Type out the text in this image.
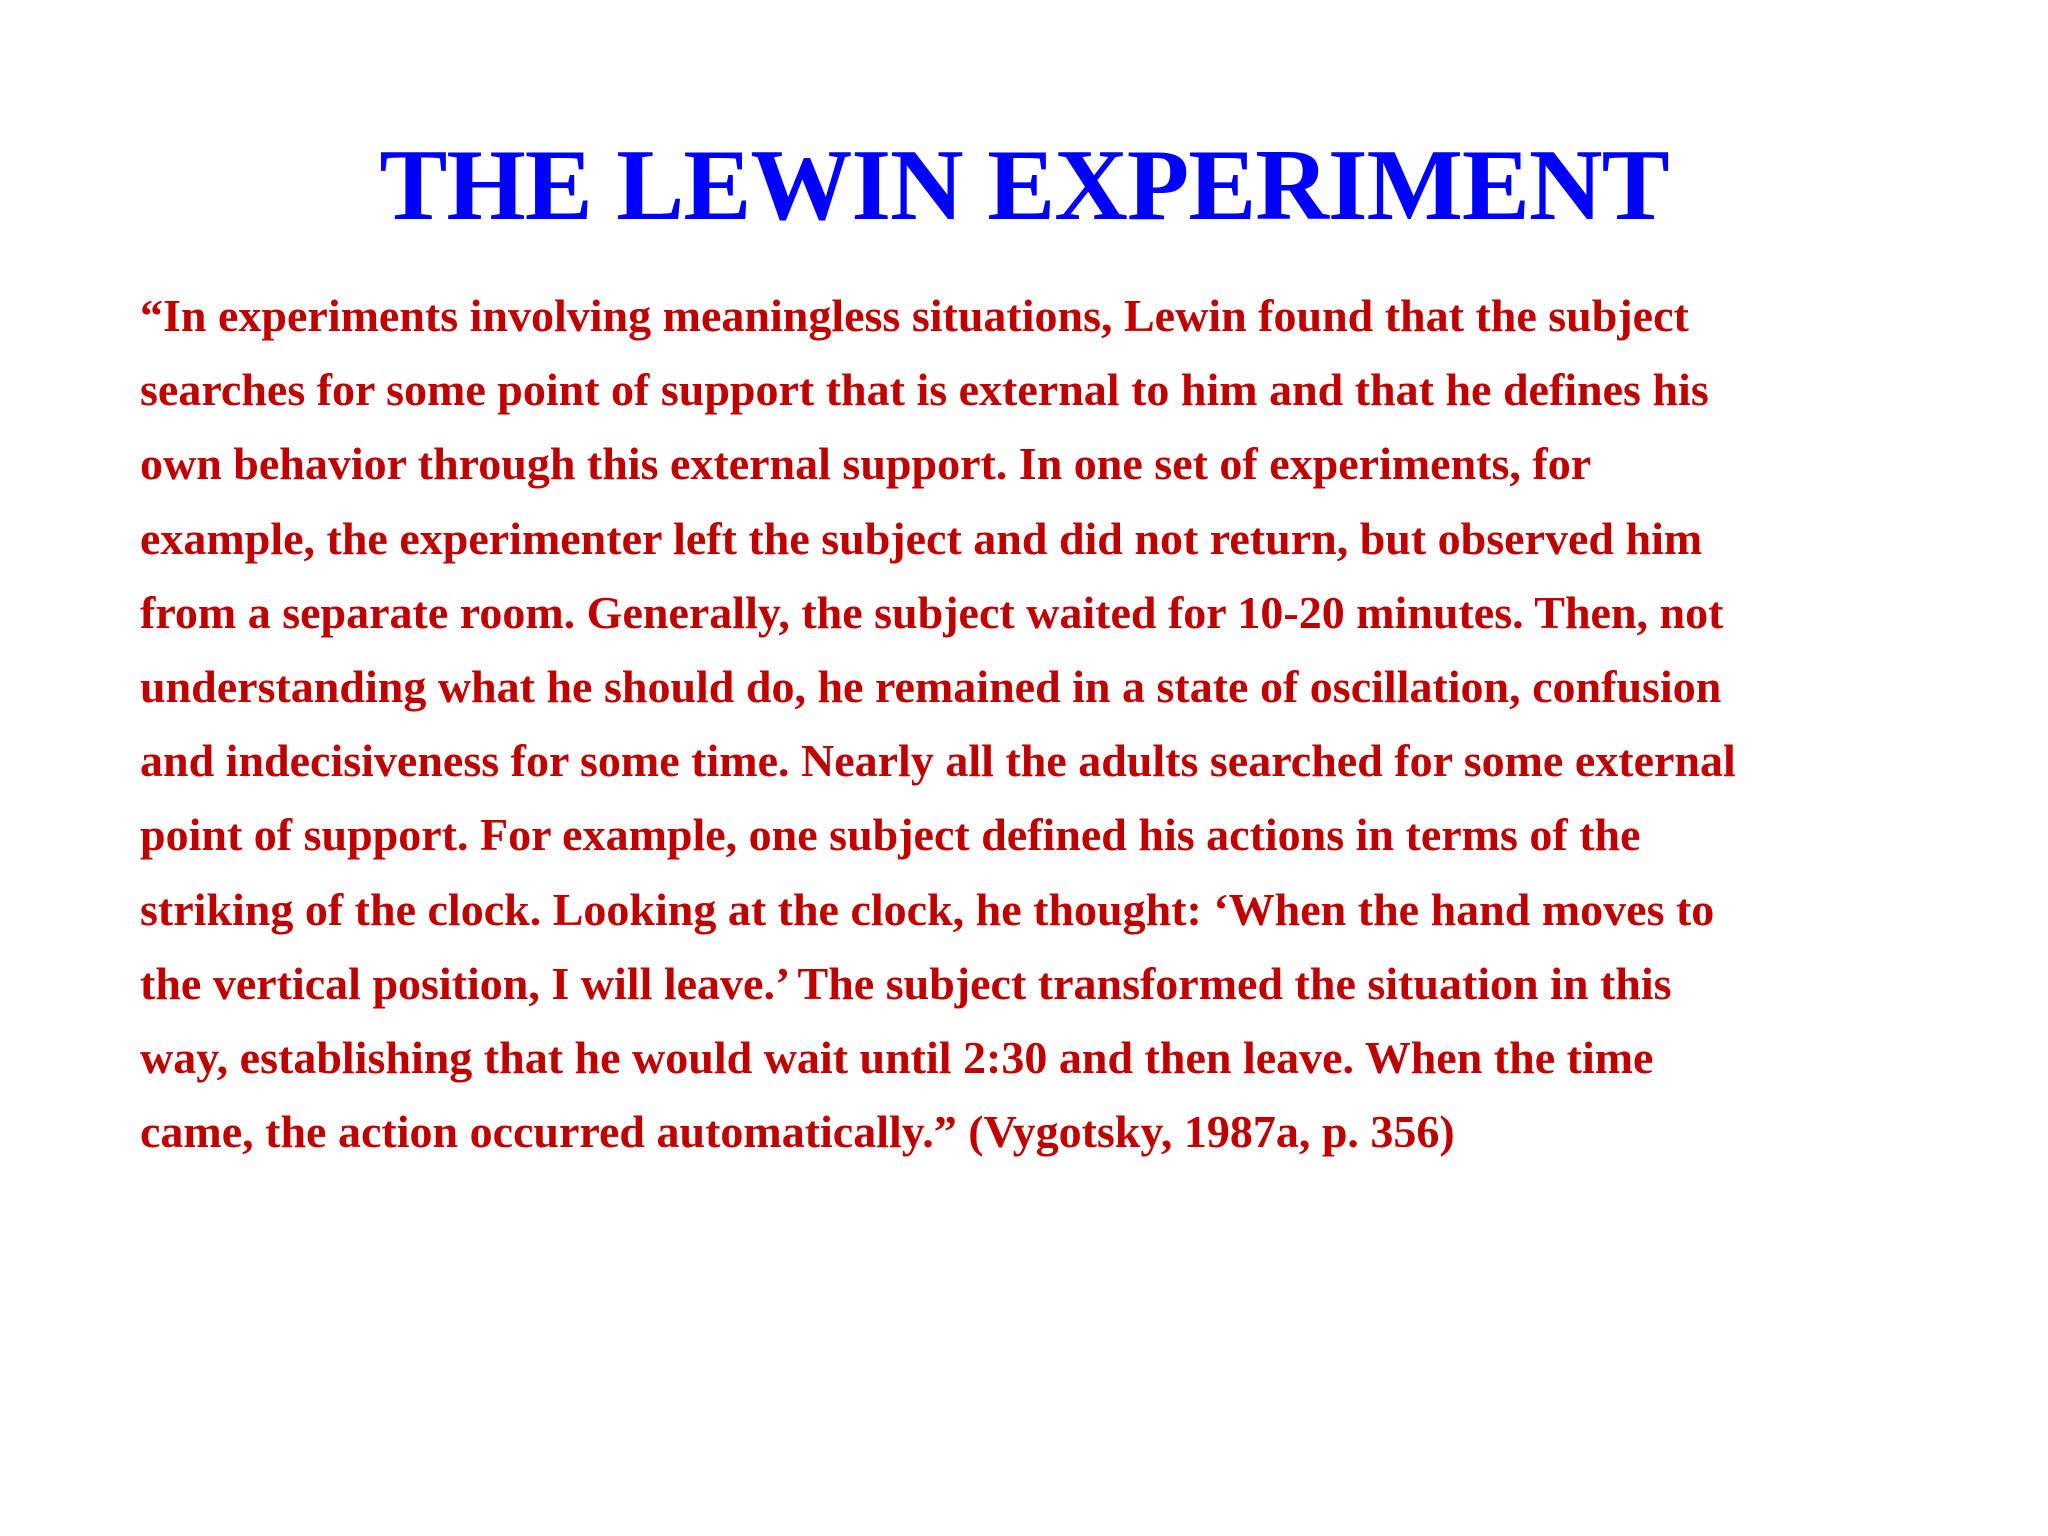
THE LEWIN EXPERIMENT
“In experiments involving meaningless situations, Lewin found that the subject
searches for some point of support that is external to him and that he defines his
own behavior through this external support. In one set of experiments, for
example, the experimenter left the subject and did not return, but observed him
from a separate room. Generally, the subject waited for 10-20 minutes. Then, not
understanding what he should do, he remained in a state of oscillation, confusion
and indecisiveness for some time. Nearly all the adults searched for some external
point of support. For example, one subject defined his actions in terms of the
striking of the clock. Looking at the clock, he thought: ‘When the hand moves to
the vertical position, I will leave.’ The subject transformed the situation in this
way, establishing that he would wait until 2:30 and then leave. When the time
came, the action occurred automatically.” (Vygotsky, 1987a, p. 356)
